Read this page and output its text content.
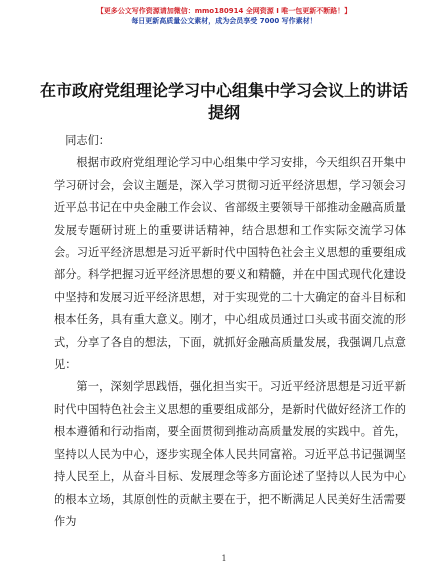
【更多公文写作资源请加微信：mmo180914 全网资源 I 唯一包更新不断路！】
每日更新高质量公文素材，成为会员享受 7000 写作素材！
在市政府党组理论学习中心组集中学习会议上的讲话提纲

同志们：

根据市政府党组理论学习中心组集中学习安排，今天组织召开集中学习研讨会，会议主题是，深入学习贯彻习近平经济思想，学习领会习近平总书记在中央金融工作会议、省部级主要领导干部推动金融高质量发展专题研讨班上的重要讲话精神，结合思想和工作实际交流学习体会。习近平经济思想是习近平新时代中国特色社会主义思想的重要组成部分。科学把握习近平经济思想的要义和精髓，并在中国式现代化建设中坚持和发展习近平经济思想，对于实现党的二十大确定的奋斗目标和根本任务，具有重大意义。刚才，中心组成员通过口头或书面交流的形式，分享了各自的想法，下面，就抓好金融高质量发展，我强调几点意见：

第一，深刻学思践悟，强化担当实干。习近平经济思想是习近平新时代中国特色社会主义思想的重要组成部分，是新时代做好经济工作的根本遵循和行动指南，要全面贯彻到推动高质量发展的实践中。首先，坚持以人民为中心，逐步实现全体人民共同富裕。习近平总书记强调坚持人民至上，从奋斗目标、发展理念等多方面论述了坚持以人民为中心的根本立场，其原创性的贡献主要在于，把不断满足人民美好生活需要作为

1
